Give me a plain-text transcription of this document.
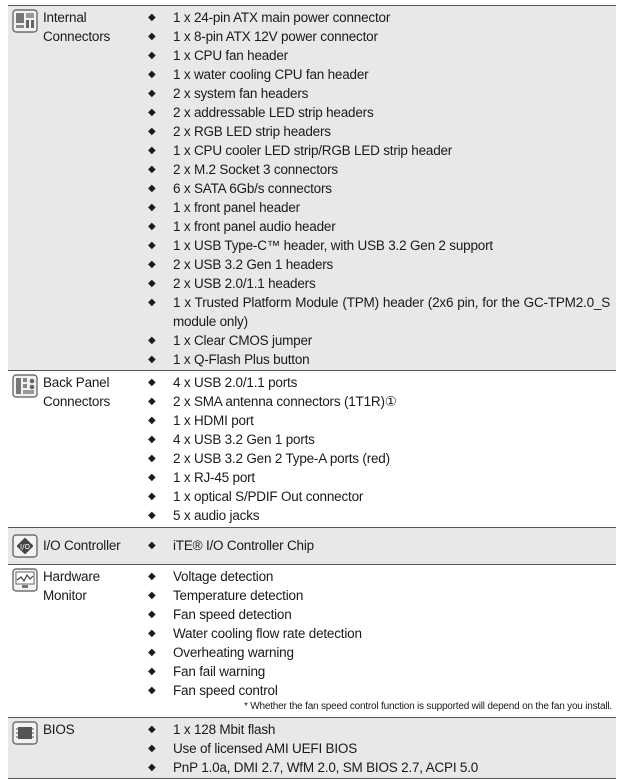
Internal
Connectors
◆ 1 x 24-pin ATX main power connector
◆ 1 x 8-pin ATX 12V power connector
◆ 1 x CPU fan header
◆ 1 x water cooling CPU fan header
◆ 2 x system fan headers
◆ 2 x addressable LED strip headers
◆ 2 x RGB LED strip headers
◆ 1 x CPU cooler LED strip/RGB LED strip header
◆ 2 x M.2 Socket 3 connectors
◆ 6 x SATA 6Gb/s connectors
◆ 1 x front panel header
◆ 1 x front panel audio header
◆ 1 x USB Type-C™ header, with USB 3.2 Gen 2 support
◆ 2 x USB 3.2 Gen 1 headers
◆ 2 x USB 2.0/1.1 headers
◆ 1 x Trusted Platform Module (TPM) header (2x6 pin, for the GC-TPM2.0_S module only)
◆ 1 x Clear CMOS jumper
◆ 1 x Q-Flash Plus button
Back Panel
Connectors
◆ 4 x USB 2.0/1.1 ports
◆ 2 x SMA antenna connectors (1T1R)①
◆ 1 x HDMI port
◆ 4 x USB 3.2 Gen 1 ports
◆ 2 x USB 3.2 Gen 2 Type-A ports (red)
◆ 1 x RJ-45 port
◆ 1 x optical S/PDIF Out connector
◆ 5 x audio jacks
I/O I/O Controller	◆ iTE® I/O Controller Chip
Hardware
Monitor
◆ Voltage detection
◆ Temperature detection
◆ Fan speed detection
◆ Water cooling flow rate detection
◆ Overheating warning
◆ Fan fail warning
◆ Fan speed control
* Whether the fan speed control function is supported will depend on the fan you install.
BIOS	◆ 1 x 128 Mbit flash
◆ Use of licensed AMI UEFI BIOS
◆ PnP 1.0a, DMI 2.7, WfM 2.0, SM BIOS 2.7, ACPI 5.0
